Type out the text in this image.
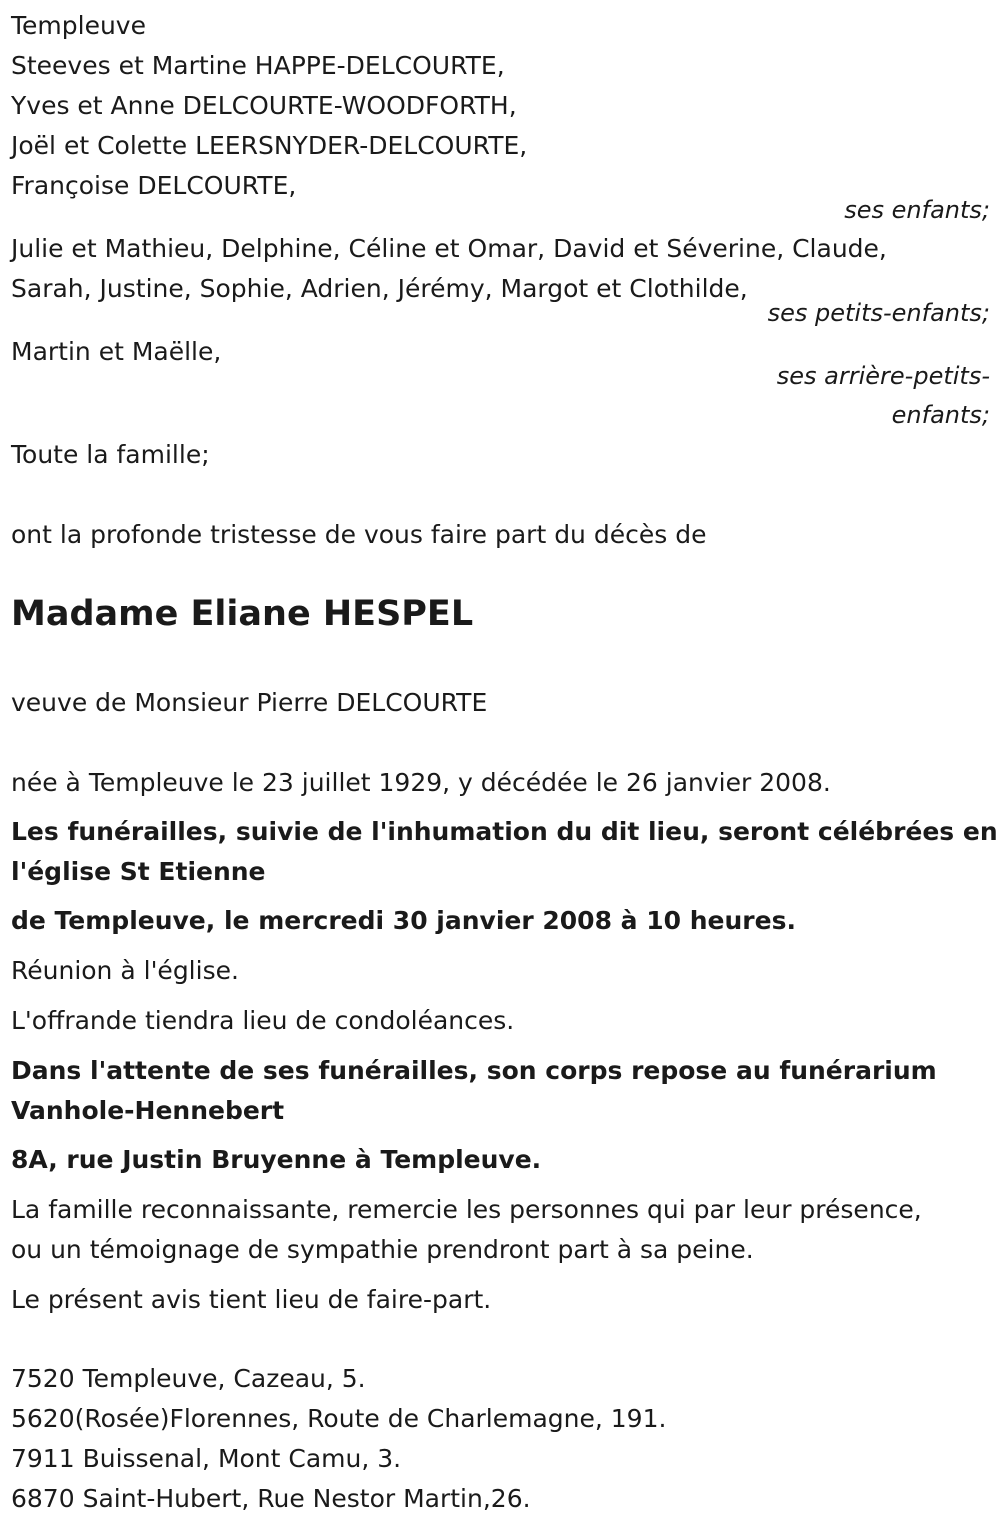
Templeuve
Steeves et Martine HAPPE-DELCOURTE,
Yves et Anne DELCOURTE-WOODFORTH,
Joël et Colette LEERSNYDER-DELCOURTE,
Françoise DELCOURTE,
ses enfants;
Julie et Mathieu, Delphine, Céline et Omar, David et Séverine, Claude,
Sarah, Justine, Sophie, Adrien, Jérémy, Margot et Clothilde,
ses petits-enfants;
Martin et Maëlle,
ses arrière-petits-
enfants;
Toute la famille;
ont la profonde tristesse de vous faire part du décès de
Madame Eliane HESPEL
veuve de Monsieur Pierre DELCOURTE
née à Templeuve le 23 juillet 1929, y décédée le 26 janvier 2008.
Les funérailles, suivie de l'inhumation du dit lieu, seront célébrées en
l'église St Etienne
de Templeuve, le mercredi 30 janvier 2008 à 10 heures.
Réunion à l'église.
L'offrande tiendra lieu de condoléances.
Dans l'attente de ses funérailles, son corps repose au funérarium
Vanhole-Hennebert
8A, rue Justin Bruyenne à Templeuve.
La famille reconnaissante, remercie les personnes qui par leur présence,
ou un témoignage de sympathie prendront part à sa peine.
Le présent avis tient lieu de faire-part.
7520 Templeuve, Cazeau, 5.
5620(Rosée)Florennes, Route de Charlemagne, 191.
7911 Buissenal, Mont Camu, 3.
6870 Saint-Hubert, Rue Nestor Martin,26.
